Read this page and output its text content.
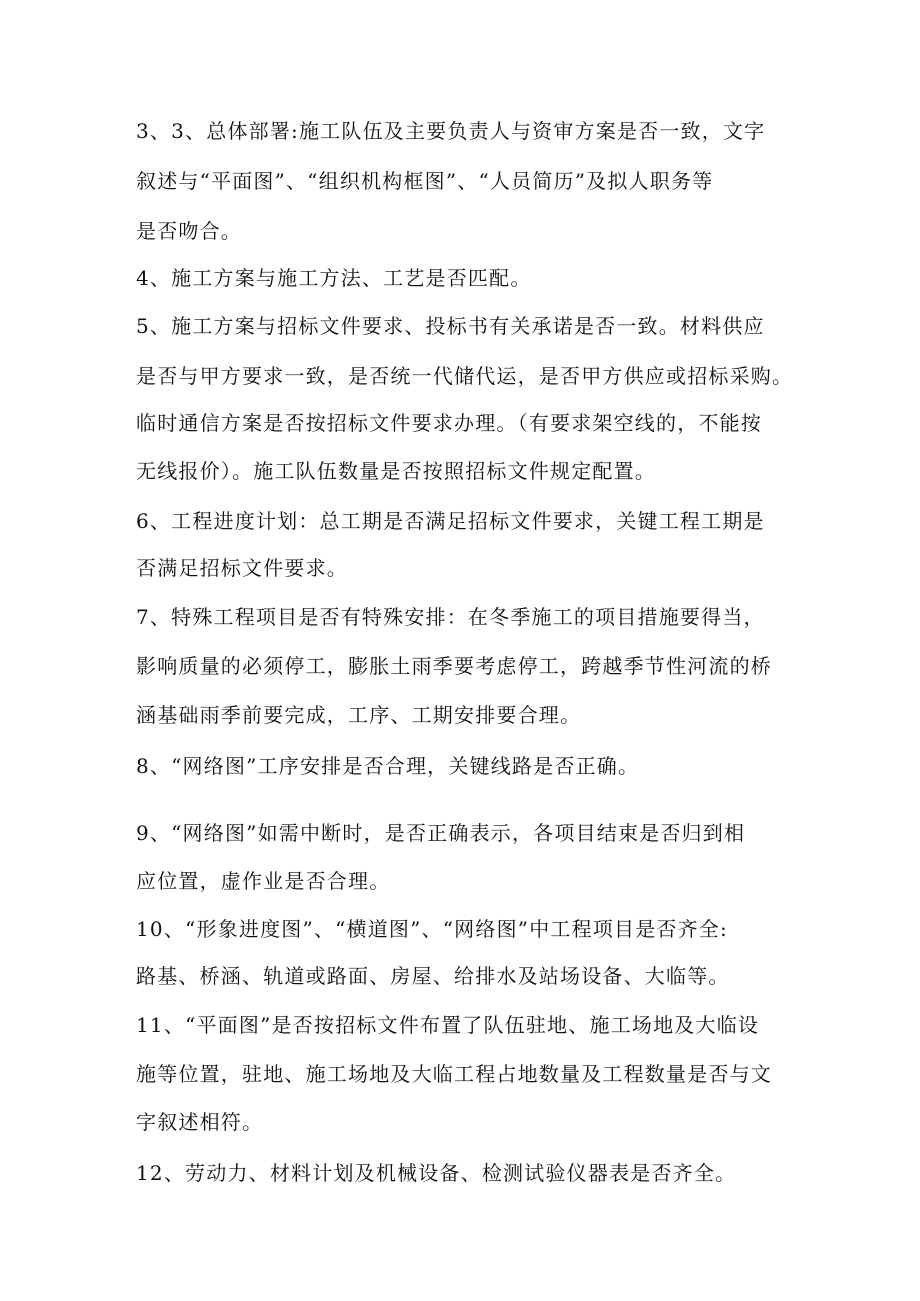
3、3、总体部署:施工队伍及主要负责人与资审方案是否一致，文字
叙述与“平面图”、“组织机构框图”、“人员简历”及拟人职务等
是否吻合。
4、施工方案与施工方法、工艺是否匹配。
5、施工方案与招标文件要求、投标书有关承诺是否一致。材料供应
是否与甲方要求一致，是否统一代储代运，是否甲方供应或招标采购。
临时通信方案是否按招标文件要求办理。（有要求架空线的，不能按
无线报价）。施工队伍数量是否按照招标文件规定配置。
6、工程进度计划：总工期是否满足招标文件要求，关键工程工期是
否满足招标文件要求。
7、特殊工程项目是否有特殊安排：在冬季施工的项目措施要得当，
影响质量的必须停工，膨胀土雨季要考虑停工，跨越季节性河流的桥
涵基础雨季前要完成，工序、工期安排要合理。
8、“网络图”工序安排是否合理，关键线路是否正确。
9、“网络图”如需中断时，是否正确表示，各项目结束是否归到相
应位置，虚作业是否合理。
10、“形象进度图”、“横道图”、“网络图”中工程项目是否齐全:
路基、桥涵、轨道或路面、房屋、给排水及站场设备、大临等。
11、“平面图”是否按招标文件布置了队伍驻地、施工场地及大临设
施等位置，驻地、施工场地及大临工程占地数量及工程数量是否与文
字叙述相符。
12、劳动力、材料计划及机械设备、检测试验仪器表是否齐全。
